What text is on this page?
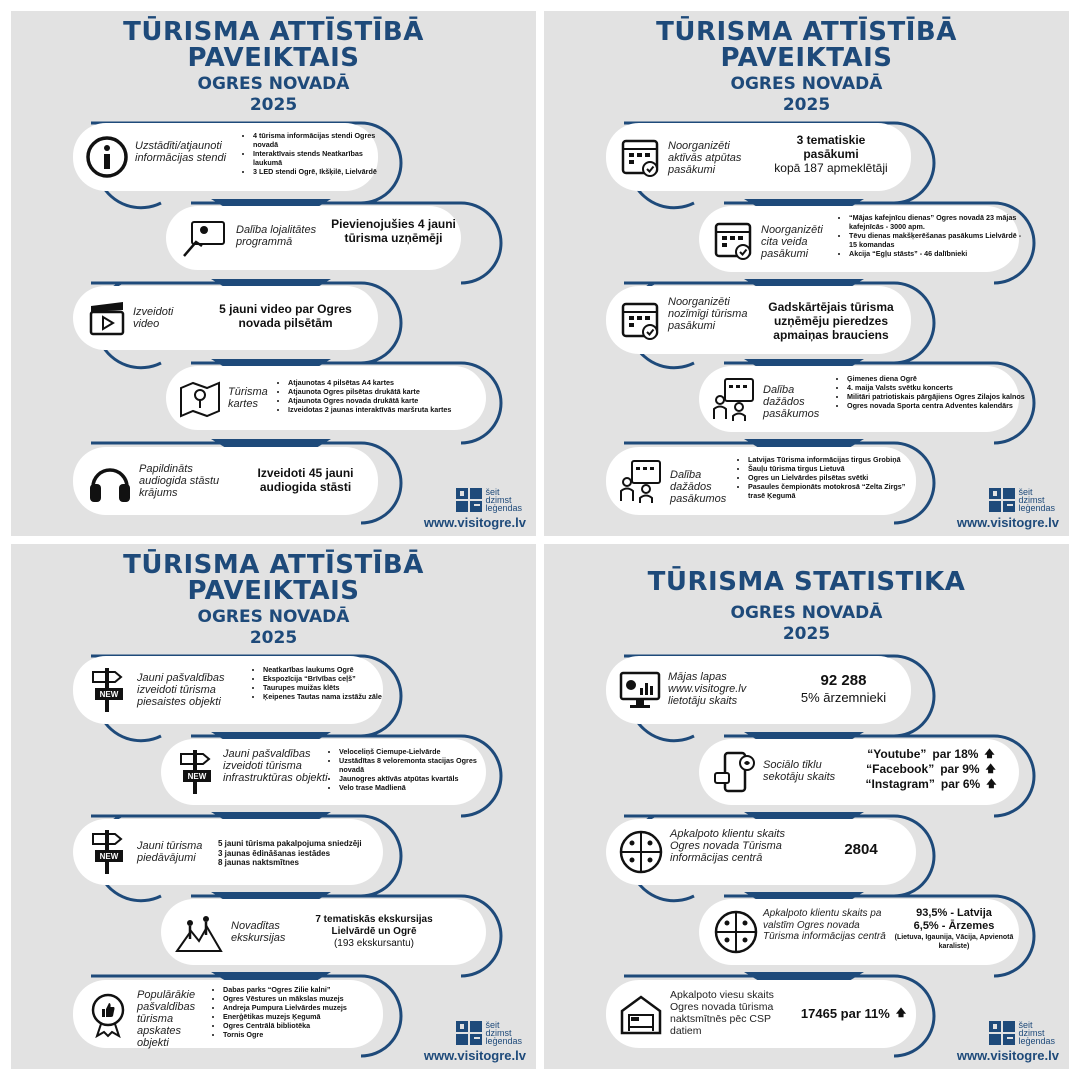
TŪRISMA ATTĪSTĪBĀ
PAVEIKTAIS
OGRES NOVADĀ
2025
Uzstādīti/atjaunoti informācijas stendi
• 4 tūrisma informācijas stendi Ogres novadā
• Interaktīvais stends Neatkarības laukumā
• 3 LED stendi Ogrē, Ikšķilē, Lielvārdē
Dalība lojalitātes programmā
Pievienojušies 4 jauni tūrisma uzņēmēji
Izveidoti video
5 jauni video par Ogres novada pilsētām
Tūrisma kartes
• Atjaunotas 4 pilsētas A4 kartes
• Atjaunota Ogres pilsētas drukātā karte
• Atjaunota Ogres novada drukātā karte
• Izveidotas 2 jaunas interaktīvās maršruta kartes
Papildināts audiogida stāstu krājums
Izveidoti 45 jauni audiogida stāsti	šeit
dzimst
leģendas
www.visitogre.lv
TŪRISMA ATTĪSTĪBĀ
PAVEIKTAIS
OGRES NOVADĀ
2025
Noorganizēti aktīvās atpūtas pasākumi
3 tematiskie pasākumi
kopā 187 apmeklētāji
Noorganizēti cita veida pasākumi
• “Mājas kafejnīcu dienas” Ogres novadā 23 mājas kafejnīcās - 3000 apm.
• Tēvu dienas makšķerēšanas pasākums Lielvārdē - 15 komandas
• Akcija “Egļu stāsts” - 46 dalībnieki
Noorganizēti nozīmīgi tūrisma pasākumi
Gadskārtējais tūrisma uzņēmēju pieredzes apmaiņas brauciens
Dalība dažādos pasākumos
• Ģimenes diena Ogrē
• 4. maija Valsts svētku koncerts
• Militāri patriotiskais pārgājiens Ogres Zilajos kalnos
• Ogres novada Sporta centra Adventes kalendārs
Dalība dažādos pasākumos
• Latvijas Tūrisma informācijas tirgus Grobiņā
• Šauļu tūrisma tirgus Lietuvā
• Ogres un Lielvārdes pilsētas svētki
• Pasaules čempionāts motokrosā “Zelta Zirgs” trasē Ķegumā	šeit
dzimst
leģendas
www.visitogre.lv
TŪRISMA ATTĪSTĪBĀ
PAVEIKTAIS
OGRES NOVADĀ
2025
NEW
Jauni pašvaldības izveidoti tūrisma piesaistes objekti
• Neatkarības laukums Ogrē
• Ekspozīcija “Brīvības ceļš”
• Taurupes muižas klēts
• Ķeipenes Tautas nama izstāžu zāle
NEW
Jauni pašvaldības izveidoti tūrisma infrastruktūras objekti
• Veloceliņš Ciemupe-Lielvārde
• Uzstādītas 8 veloremonta stacijas Ogres novadā
• Jaunogres aktīvās atpūtas kvartāls
• Velo trase Madlienā
NEW
Jauni tūrisma piedāvājumi
5 jauni tūrisma pakalpojuma sniedzēji
3 jaunas ēdināšanas iestādes
8 jaunas naktsmītnes
Novadītas ekskursijas
7 tematiskās ekskursijas Lielvārdē un Ogrē
(193 ekskursantu)
Populārākie pašvaldības tūrisma apskates objekti
• Dabas parks “Ogres Zilie kalni”
• Ogres Vēstures un mākslas muzejs
• Andreja Pumpura Lielvārdes muzejs
• Enerģētikas muzejs Ķegumā
• Ogres Centrālā bibliotēka
• Tornis Ogre
šeit
dzimst
leģendas
www.visitogre.lv
TŪRISMA STATISTIKA
OGRES NOVADĀ
2025
Mājas lapas www.visitogre.lv lietotāju skaits
92 288
5% ārzemnieki
Sociālo tīklu sekotāju skaits
“Youtube” par 18% 🡅
“Facebook” par 9% 🡅
“Instagram” par 6% 🡅
Apkalpoto klientu skaits Ogres novada Tūrisma informācijas centrā	2804
Apkalpoto klientu skaits pa valstīm Ogres novada Tūrisma informācijas centrā
93,5% - Latvija
6,5% - Ārzemes
(Lietuva, Igaunija, Vācija, Apvienotā karaliste)
Apkalpoto viesu skaits Ogres novada tūrisma naktsmītnēs pēc CSP datiem
17465 par 11% 🡅
šeit
dzimst
leģendas
www.visitogre.lv
